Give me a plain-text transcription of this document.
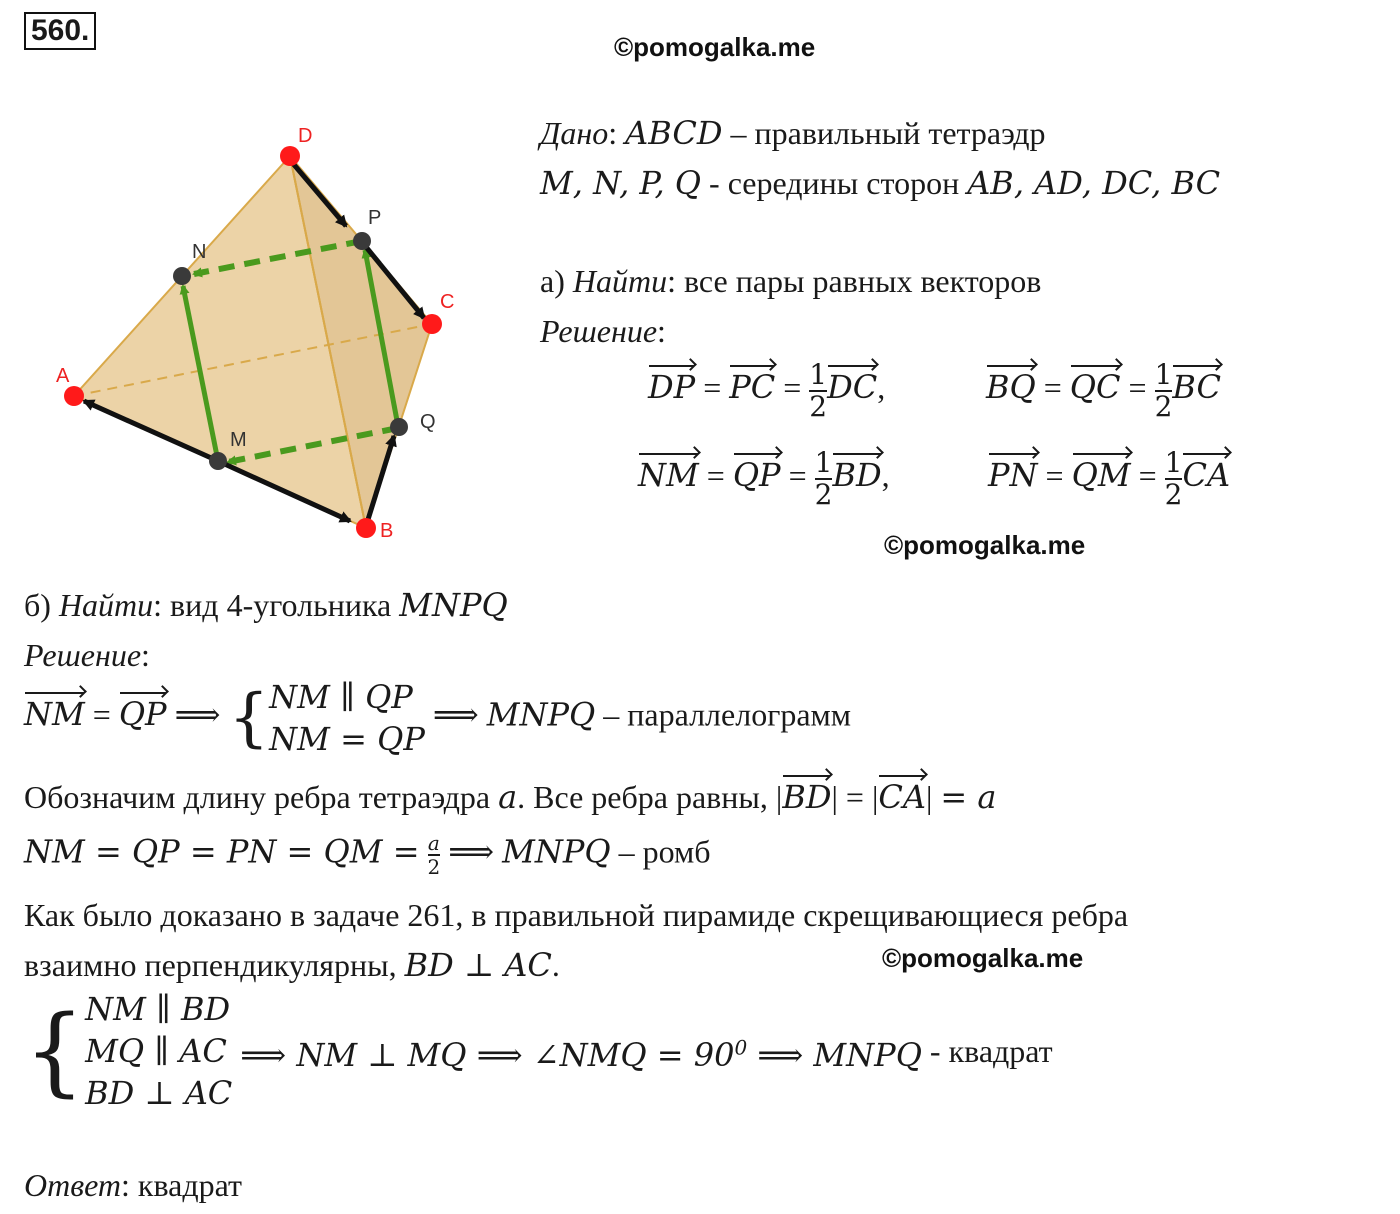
560.	©pomogalka.me
©pomogalka.me
©pomogalka.me
A
B
C
D
M
N
P
Q
Дано: ABCD – правильный тетраэдр
M, N, P, Q - середины сторон AB, AD, DC, BC
а) Найти: все пары равных векторов
Решение:
DP = PC = $\frac{1}{2}$ DC,	BQ = QC = $\frac{1}{2}$ BC
NM = QP = $\frac{1}{2}$ BD,	PN = QM = $\frac{1}{2}$ CA
б) Найти: вид 4-угольника MNPQ
Решение:
NM = QP ⟹ { NM ∥ QP
NM = QP
⟹ MNPQ – параллелограмм
Обозначим длину ребра тетраэдра a. Все ребра равны, |BD| = |CA| = a
NM = QP = PN = QM = $\frac{a}{2}$ ⟹ MNPQ – ромб
Как было доказано в задаче 261, в правильной пирамиде скрещивающиеся ребра
взаимно перпендикулярны, BD ⊥ AC.
{ NM ∥ BD
MQ ∥ AC
BD ⊥ AC
⟹ NM ⊥ MQ ⟹ ∠NMQ = $90^0$ ⟹ MNPQ - квадрат
Ответ: квадрат
